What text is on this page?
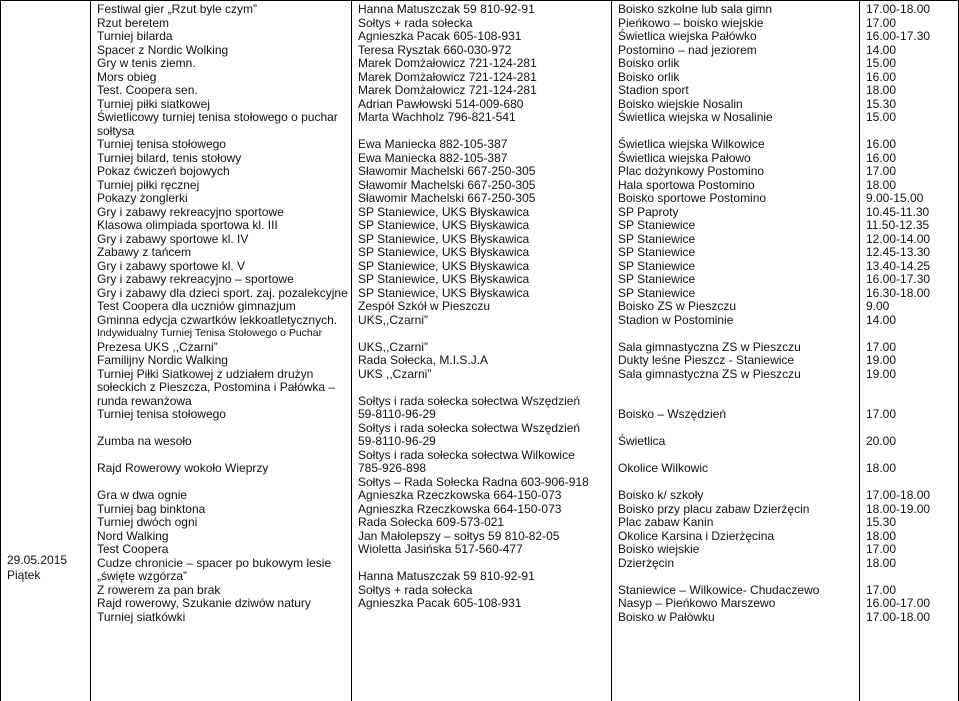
29.05.2015
Piątek
Festiwal gier „Rzut byle czym”
Rzut beretem
Turniej bilarda
Spacer z Nordic Wolking
Gry w tenis ziemn.
Mors obieg
Test. Coopera sen.
Turniej piłki siatkowej
Świetlicowy turniej tenisa stołowego o puchar
sołtysa
Turniej tenisa stołowego
Turniej bilard, tenis stołowy
Pokaz ćwiczeń bojowych
Turniej piłki ręcznej
Pokazy żonglerki
Gry i zabawy rekreacyjno sportowe
Klasowa olimpiada sportowa kl. III
Gry i zabawy sportowe kl. IV
Zabawy z tańcem
Gry i zabawy sportowe kl. V
Gry i zabawy rekreacyjno – sportowe
Gry i zabawy dla dzieci sport. zaj. pozalekcyjne
Test Coopera dla uczniów gimnazjum
Gminna edycja czwartków lekkoatletycznych.
Indywidualny Turniej Tenisa Stołowego o Puchar
Prezesa UKS ,,Czarni”
Familijny Nordic Walking
Turniej Piłki Siatkowej z udziałem drużyn
sołeckich z Pieszcza, Postomina i Pałówka –
runda rewanżowa
Turniej tenisa stołowego
Zumba na wesoło
Rajd Rowerowy wokoło Wieprzy
Gra w dwa ognie
Turniej bag binktona
Turniej dwóch ogni
Nord Walking
Test Coopera
Cudze chronicie – spacer po bukowym lesie
„święte wzgórza”
Z rowerem za pan brak
Rajd rowerowy, Szukanie dziwów natury
Turniej siatkówki
Hanna Matuszczak 59 810-92-91
Sołtys + rada sołecka
Agnieszka Pacak 605-108-931
Teresa Rysztak 660-030-972
Marek Domżałowicz 721-124-281
Marek Domżałowicz 721-124-281
Marek Domżałowicz 721-124-281
Adrian Pawłowski 514-009-680
Marta Wachholz 796-821-541
Ewa Maniecka 882-105-387
Ewa Maniecka 882-105-387
Sławomir Machelski 667-250-305
Sławomir Machelski 667-250-305
Sławomir Machelski 667-250-305
SP Staniewice, UKS Błyskawica
SP Staniewice, UKS Błyskawica
SP Staniewice, UKS Błyskawica
SP Staniewice, UKS Błyskawica
SP Staniewice, UKS Błyskawica
SP Staniewice, UKS Błyskawica
SP Staniewice, UKS Błyskawica
Zespół Szkół w Pieszczu
UKS,,Czarni”
UKS,,Czarni”
Rada Sołecka, M.I.S.J.A
UKS ,,Czarni”
Sołtys i rada sołecka sołectwa Wszędzień
59-8110-96-29
Sołtys i rada sołecka sołectwa Wszędzień
59-8110-96-29
Sołtys i rada sołecka sołectwa Wilkowice
785-926-898
Sołtys – Rada Sołecka Radna 603-906-918
Agnieszka Rzeczkowska 664-150-073
Agnieszka Rzeczkowska 664-150-073
Rada Sołecka 609-573-021
Jan Małolepszy – sołtys 59 810-82-05
Wioletta Jasińska 517-560-477
Hanna Matuszczak 59 810-92-91
Sołtys + rada sołecka
Agnieszka Pacak 605-108-931
Boisko szkolne lub sala gimn
Pieńkowo – boisko wiejskie
Świetlica wiejska Pałówko
Postomino – nad jeziorem
Boisko orlik
Boisko orlik
Stadion sport
Boisko wiejskie Nosalin
Świetlica wiejska w Nosalinie
Świetlica wiejska Wilkowice
Świetlica wiejska Pałowo
Plac dożynkowy Postomino
Hala sportowa Postomino
Boisko sportowe Postomino
SP Paproty
SP Staniewice
SP Staniewice
SP Staniewice
SP Staniewice
SP Staniewice
SP Staniewice
Boisko ZS w Pieszczu
Stadion w Postominie
Sala gimnastyczna ZS w Pieszczu
Dukty leśne Pieszcz - Staniewice
Sala gimnastyczna ZS w Pieszczu
Boisko – Wszędzień
Świetlica
Okolice Wilkowic
Boisko k/ szkoły
Boisko przy placu zabaw Dzierżęcin
Plac zabaw Kanin
Okolice Karsina i Dzierżęcina
Boisko wiejskie
Dzierżęcin
Staniewice – Wilkowice- Chudaczewo
Nasyp – Pieńkowo Marszewo
Boisko w Pałówku
17.00-18.00
17.00
16.00-17.30
14.00
15.00
16.00
18.00
15.30
15.00
16.00
16.00
17.00
18.00
9.00-15.00
10.45-11.30
11.50-12.35
12.00-14.00
12.45-13.30
13.40-14.25
16.00-17.30
16.30-18.00
9.00
14.00
17.00
19.00
19.00
17.00
20.00
18.00
17.00-18.00
18.00-19.00
15.30
18.00
17.00
18.00
17.00
16.00-17.00
17.00-18.00
